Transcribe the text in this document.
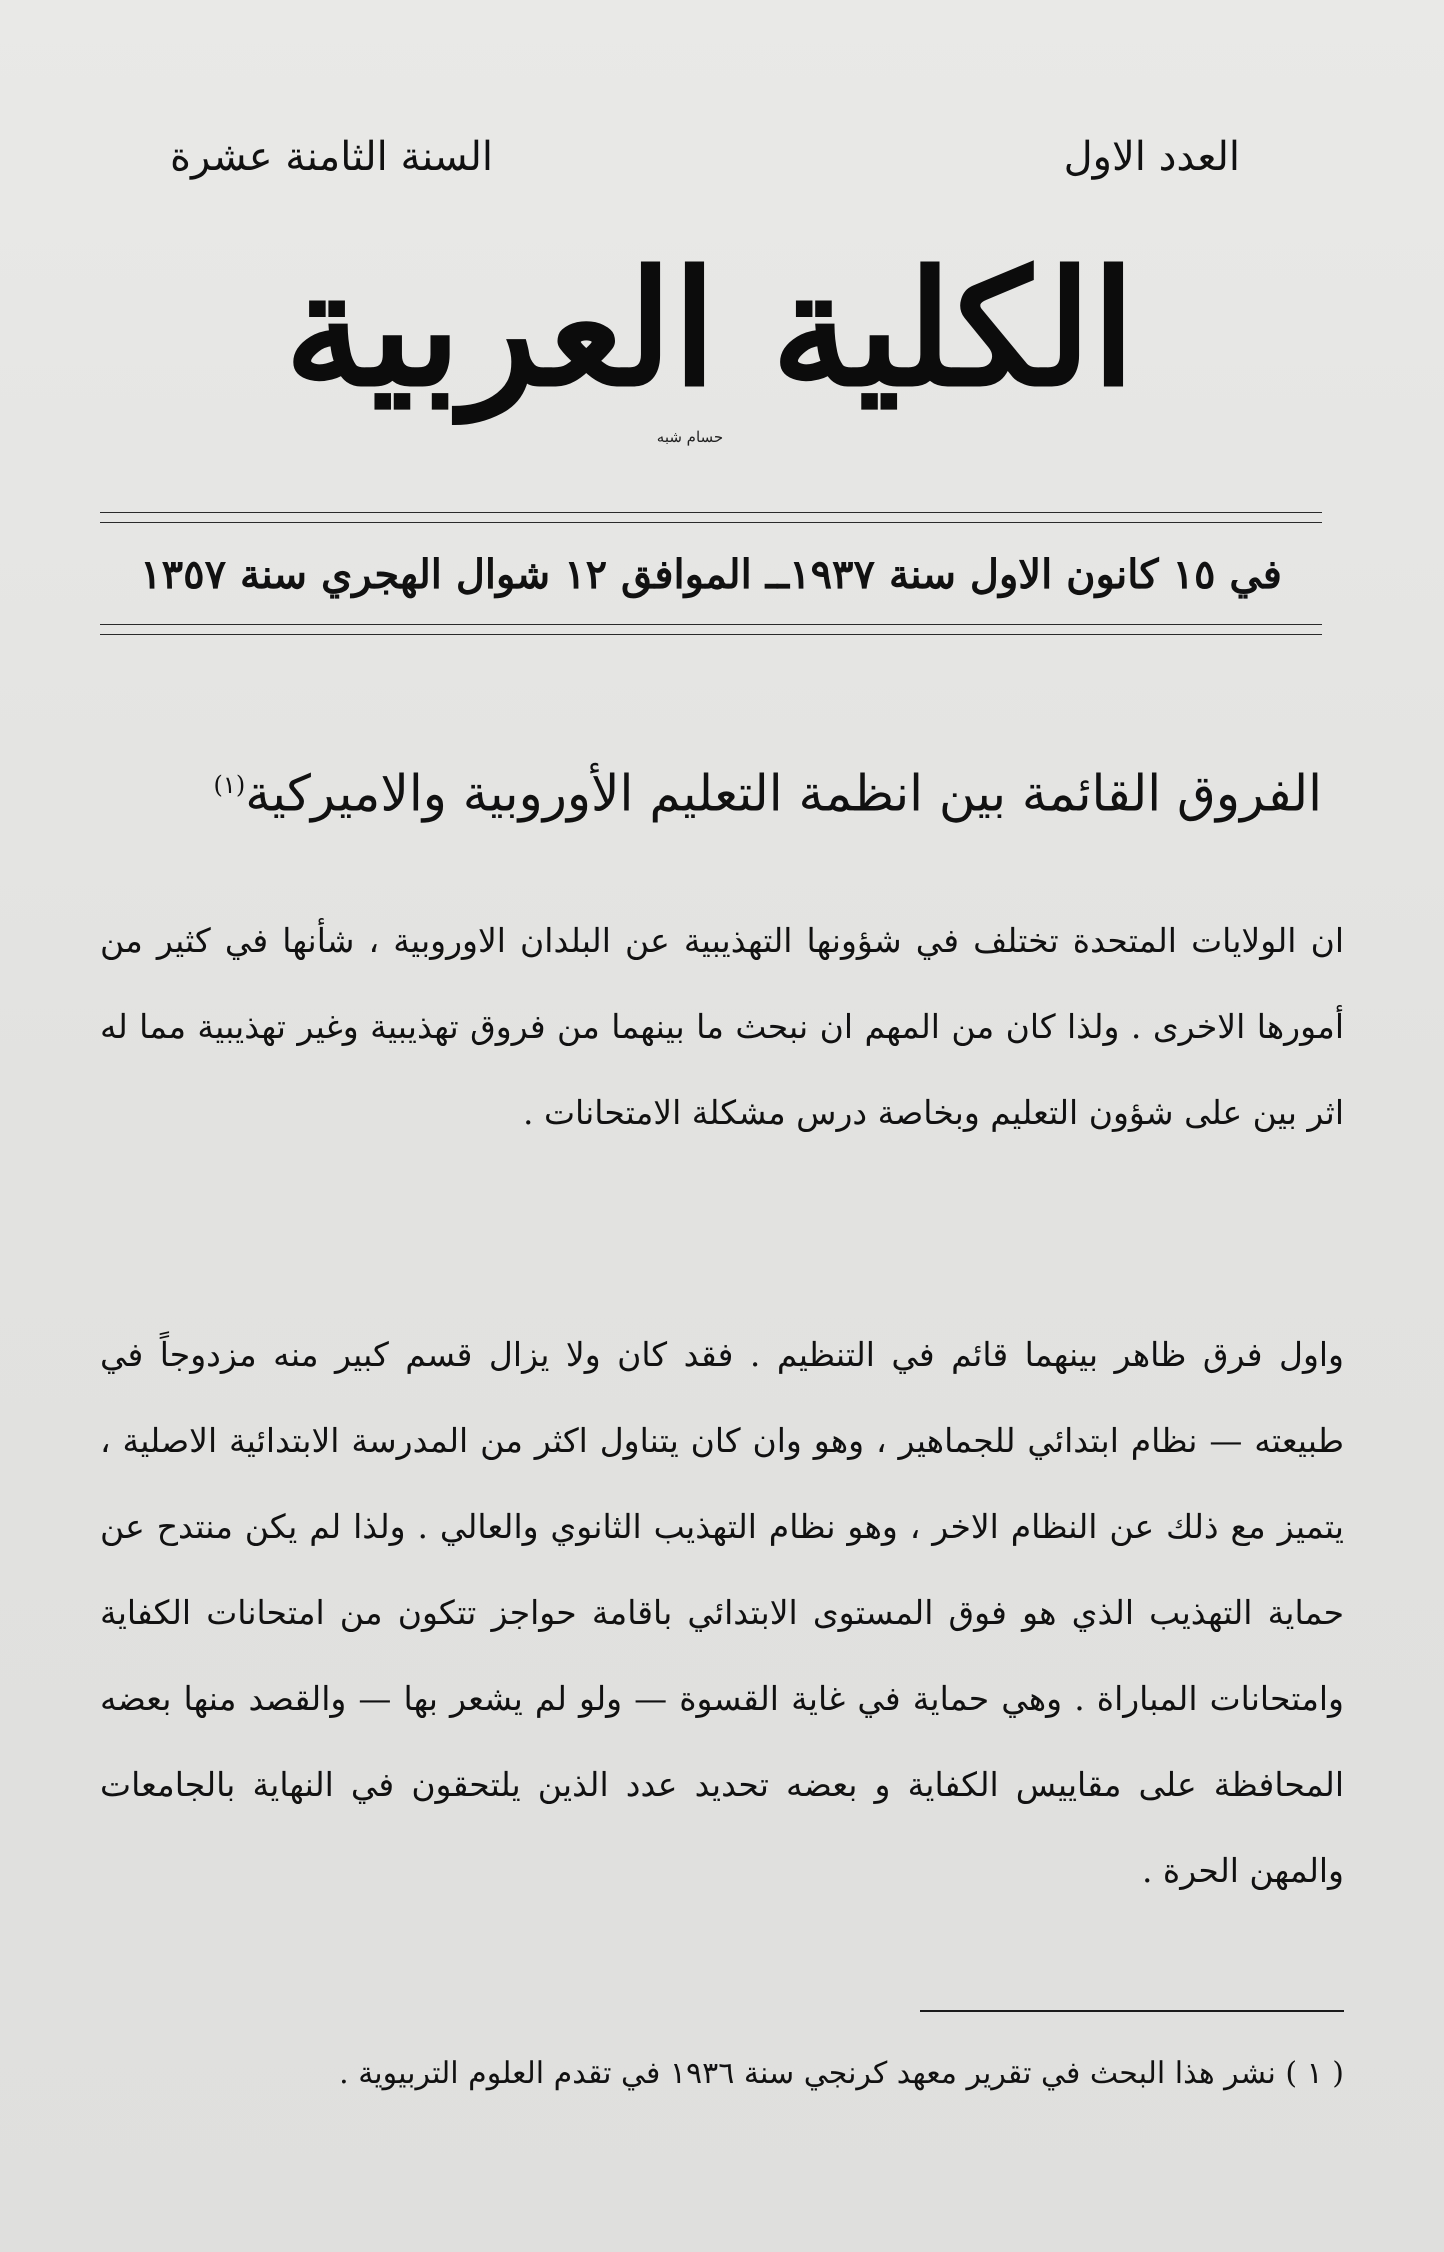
العدد الاول
السنة الثامنة عشرة
الكلية العربية
حسام شبه
في ١٥ كانون الاول سنة ١٩٣٧ــ الموافق ١٢ شوال الهجري سنة ١٣٥٧
الفروق القائمة بين انظمة التعليم الأوروبية والاميركية$^{(١)}$
ان الولايات المتحدة تختلف في شؤونها التهذيبية عن البلدان الاوروبية ، شأنها في كثير من أمورها الاخرى . ولذا كان من المهم ان نبحث ما بينهما من فروق تهذيبية وغير تهذيبية مما له اثر بين على شؤون التعليم وبخاصة درس مشكلة الامتحانات .
واول فرق ظاهر بينهما قائم في التنظيم . فقد كان ولا يزال قسم كبير منه مزدوجاً في طبيعته — نظام ابتدائي للجماهير ، وهو وان كان يتناول اكثر من المدرسة الابتدائية الاصلية ، يتميز مع ذلك عن النظام الاخر ، وهو نظام التهذيب الثانوي والعالي . ولذا لم يكن منتدح عن حماية التهذيب الذي هو فوق المستوى الابتدائي باقامة حواجز تتكون من امتحانات الكفاية وامتحانات المباراة . وهي حماية في غاية القسوة — ولو لم يشعر بها — والقصد منها بعضه المحافظة على مقاييس الكفاية و بعضه تحديد عدد الذين يلتحقون في النهاية بالجامعات والمهن الحرة .
( ١ ) نشر هذا البحث في تقرير معهد كرنجي سنة ١٩٣٦ في تقدم العلوم التربيوية .
